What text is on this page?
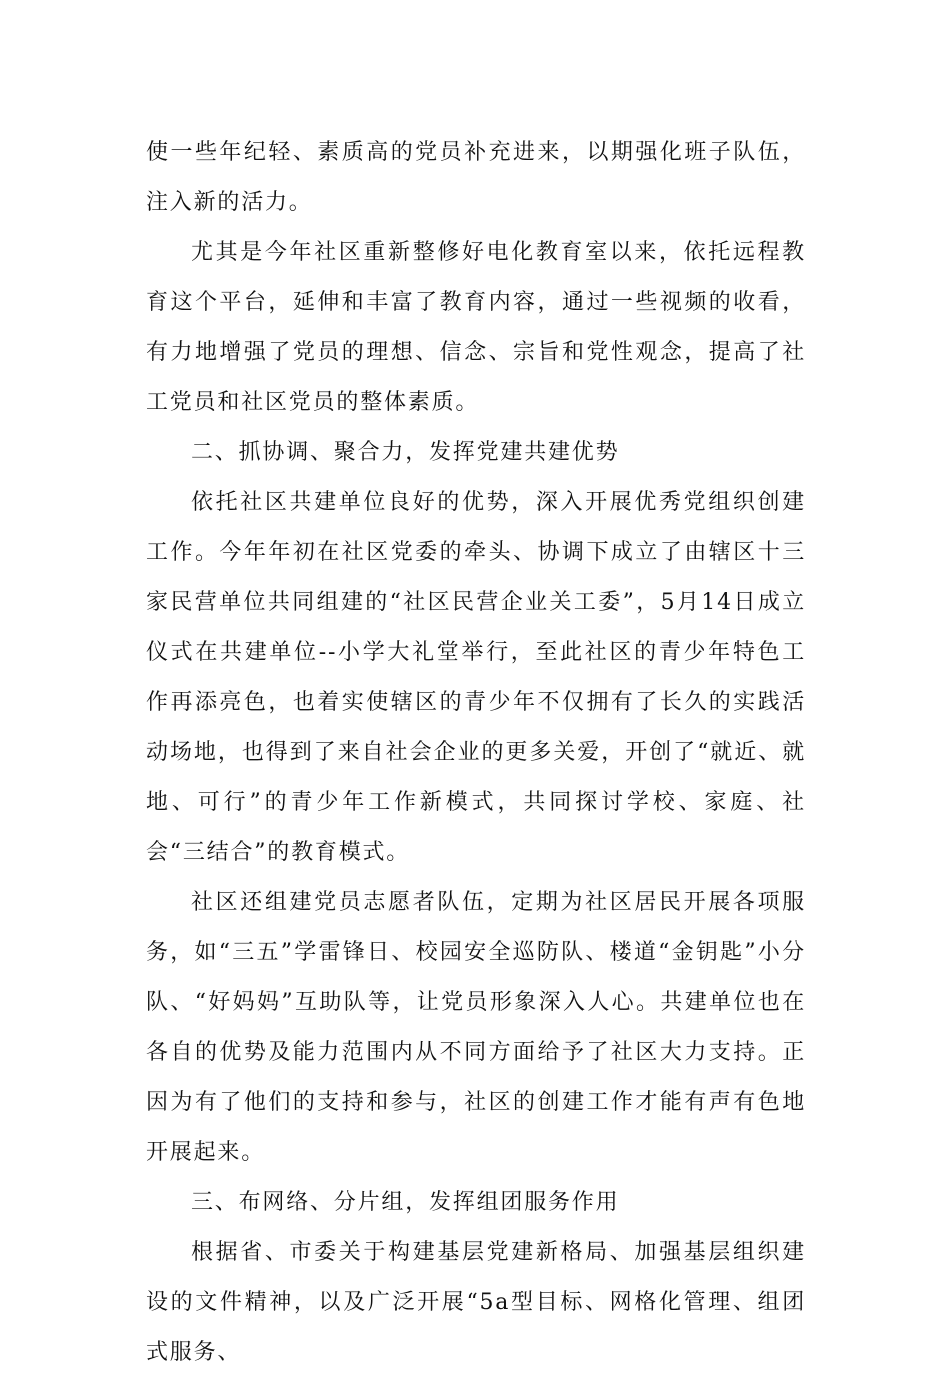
使一些年纪轻、素质高的党员补充进来，以期强化班子队伍，注入新的活力。

尤其是今年社区重新整修好电化教育室以来，依托远程教育这个平台，延伸和丰富了教育内容，通过一些视频的收看，有力地增强了党员的理想、信念、宗旨和党性观念，提高了社工党员和社区党员的整体素质。

二、抓协调、聚合力，发挥党建共建优势

依托社区共建单位良好的优势，深入开展优秀党组织创建工作。今年年初在社区党委的牵头、协调下成立了由辖区十三家民营单位共同组建的“社区民营企业关工委”，5月14日成立仪式在共建单位--小学大礼堂举行，至此社区的青少年特色工作再添亮色，也着实使辖区的青少年不仅拥有了长久的实践活动场地，也得到了来自社会企业的更多关爱，开创了“就近、就地、可行”的青少年工作新模式，共同探讨学校、家庭、社会“三结合”的教育模式。

社区还组建党员志愿者队伍，定期为社区居民开展各项服务，如“三五”学雷锋日、校园安全巡防队、楼道“金钥匙”小分队、“好妈妈”互助队等，让党员形象深入人心。共建单位也在各自的优势及能力范围内从不同方面给予了社区大力支持。正因为有了他们的支持和参与，社区的创建工作才能有声有色地开展起来。

三、布网络、分片组，发挥组团服务作用

根据省、市委关于构建基层党建新格局、加强基层组织建设的文件精神，以及广泛开展“5a型目标、网格化管理、组团式服务、
